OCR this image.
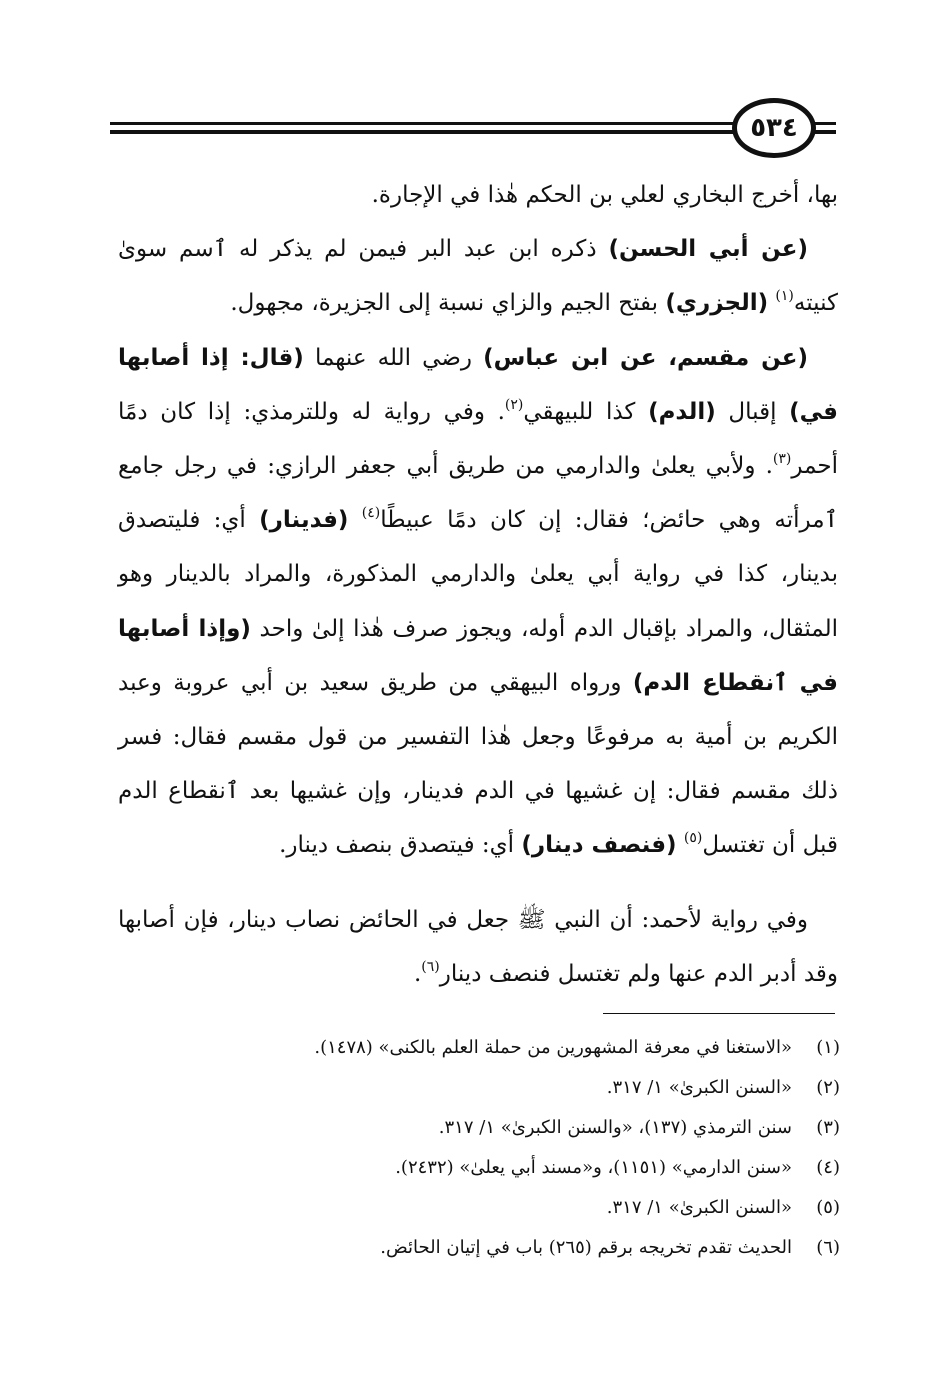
٥٣٤

بها، أخرج البخاري لعلي بن الحكم هٰذا في الإجارة.

(عن أبي الحسن) ذكره ابن عبد البر فيمن لم يذكر له ٱسم سوىٰ كنيته$^{(١)}$ (الجزري) بفتح الجيم والزاي نسبة إلى الجزيرة، مجهول.

(عن مقسم، عن ابن عباس) رضي الله عنهما (قال: إذا أصابها في) إقبال (الدم) كذا للبيهقي$^{(٢)}$. وفي رواية له وللترمذي: إذا كان دمًا أحمر$^{(٣)}$. ولأبي يعلىٰ والدارمي من طريق أبي جعفر الرازي: في رجل جامع ٱمرأته وهي حائض؛ فقال: إن كان دمًا عبيطًا$^{(٤)}$ (فدينار) أي: فليتصدق بدينار، كذا في رواية أبي يعلىٰ والدارمي المذكورة، والمراد بالدينار وهو المثقال، والمراد بإقبال الدم أوله، ويجوز صرف هٰذا إلىٰ واحد (وإذا أصابها في ٱنقطاع الدم) ورواه البيهقي من طريق سعيد بن أبي عروبة وعبد الكريم بن أمية به مرفوعًا وجعل هٰذا التفسير من قول مقسم فقال: فسر ذلك مقسم فقال: إن غشيها في الدم فدينار، وإن غشيها بعد ٱنقطاع الدم قبل أن تغتسل$^{(٥)}$ (فنصف دينار) أي: فيتصدق بنصف دينار.

وفي رواية لأحمد: أن النبي ﷺ جعل في الحائض نصاب دينار، فإن أصابها وقد أدبر الدم عنها ولم تغتسل فنصف دينار$^{(٦)}$.

(١)
«الاستغنا في معرفة المشهورين من حملة العلم بالكنى» (١٤٧٨).
(٢)
«السنن الكبرىٰ» ١/ ٣١٧.
(٣)
سنن الترمذي (١٣٧)، «والسنن الكبرىٰ» ١/ ٣١٧.
(٤)
«سنن الدارمي» (١١٥١)، و«مسند أبي يعلىٰ» (٢٤٣٢).
(٥)
«السنن الكبرىٰ» ١/ ٣١٧.
(٦)
الحديث تقدم تخريجه برقم (٢٦٥) باب في إتيان الحائض.
